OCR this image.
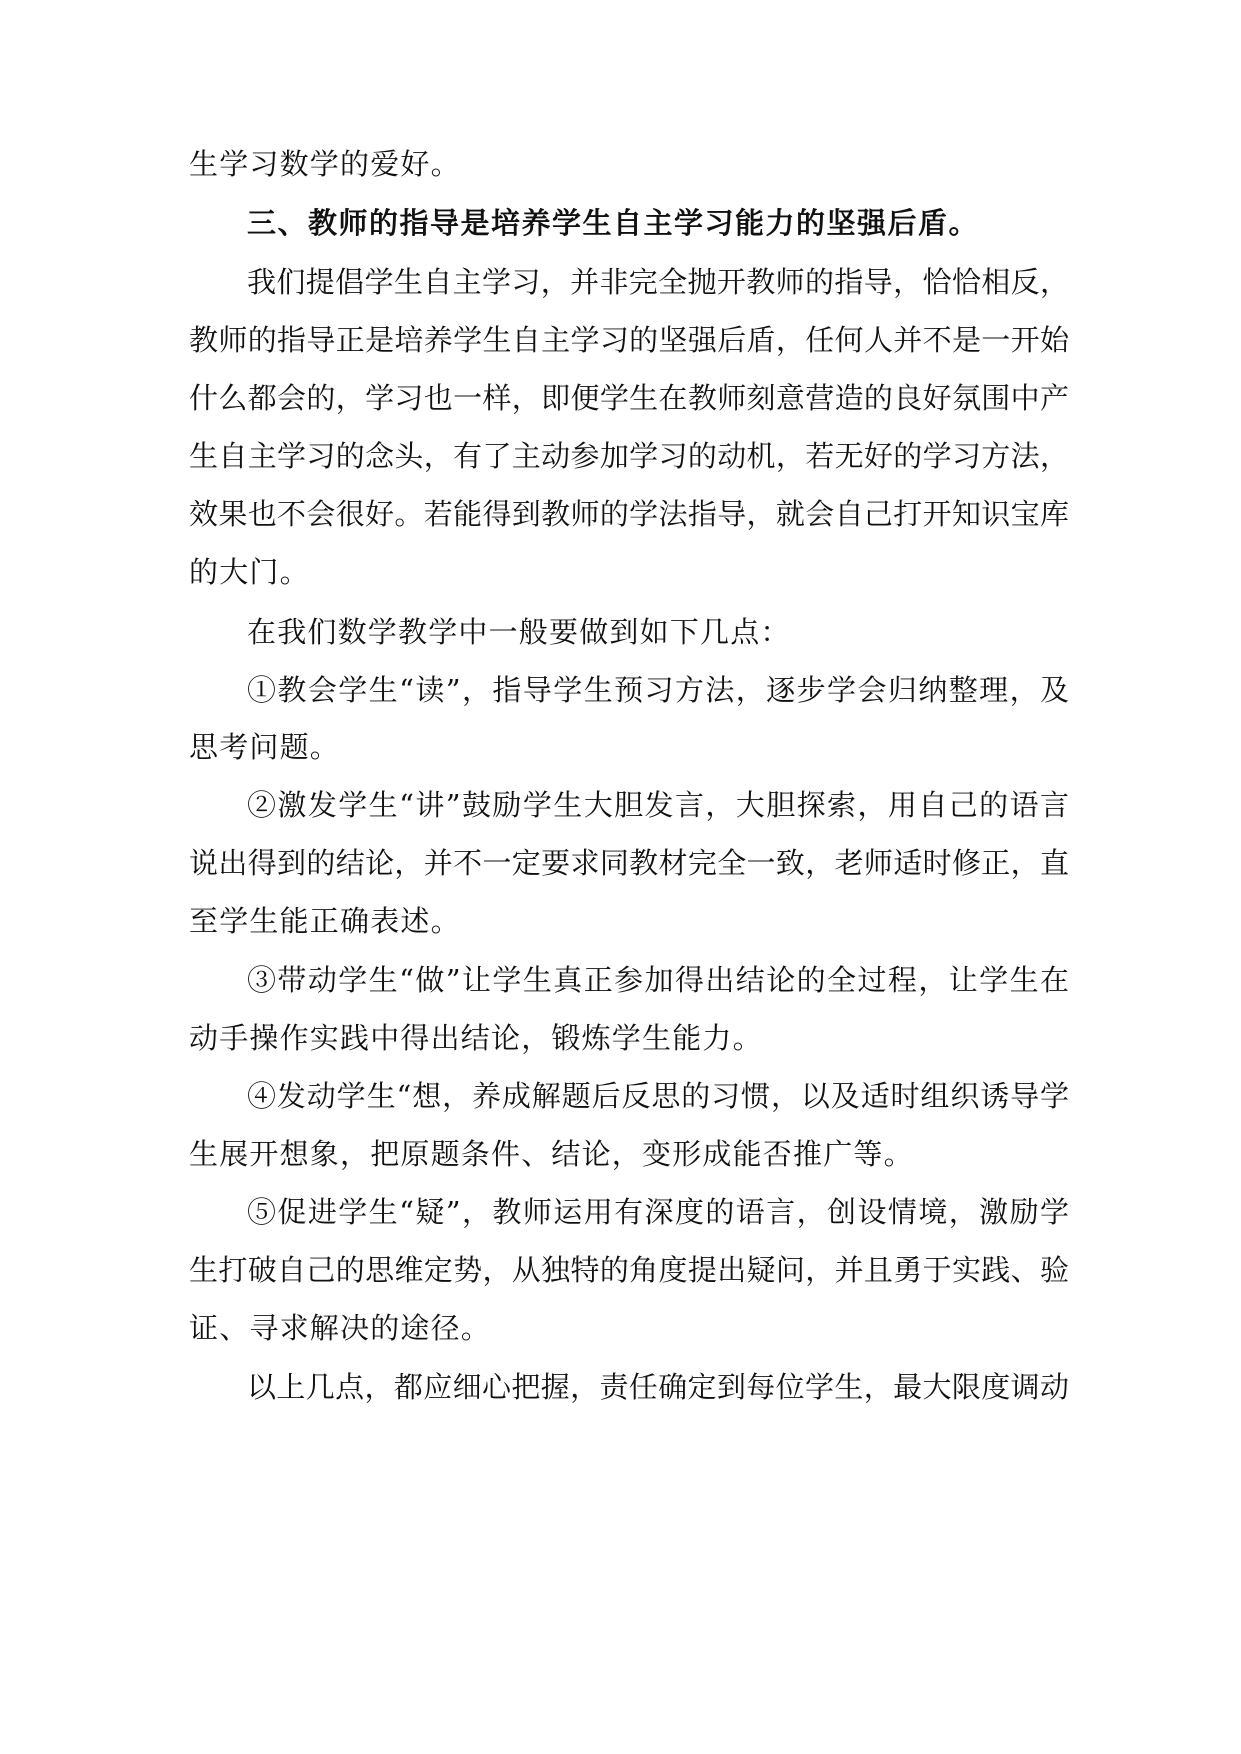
生学习数学的爱好。
三、教师的指导是培养学生自主学习能力的坚强后盾。
我们提倡学生自主学习，并非完全抛开教师的指导，恰恰相反，
教师的指导正是培养学生自主学习的坚强后盾，任何人并不是一开始
什么都会的，学习也一样，即便学生在教师刻意营造的良好氛围中产
生自主学习的念头，有了主动参加学习的动机，若无好的学习方法，
效果也不会很好。若能得到教师的学法指导，就会自己打开知识宝库
的大门。
在我们数学教学中一般要做到如下几点：
①教会学生“读”，指导学生预习方法，逐步学会归纳整理，及
思考问题。
②激发学生“讲”鼓励学生大胆发言，大胆探索，用自己的语言
说出得到的结论，并不一定要求同教材完全一致，老师适时修正，直
至学生能正确表述。
③带动学生“做”让学生真正参加得出结论的全过程，让学生在
动手操作实践中得出结论，锻炼学生能力。
④发动学生“想，养成解题后反思的习惯，以及适时组织诱导学
生展开想象，把原题条件、结论，变形成能否推广等。
⑤促进学生“疑”，教师运用有深度的语言，创设情境，激励学
生打破自己的思维定势，从独特的角度提出疑问，并且勇于实践、验
证、寻求解决的途径。
以上几点，都应细心把握，责任确定到每位学生，最大限度调动
